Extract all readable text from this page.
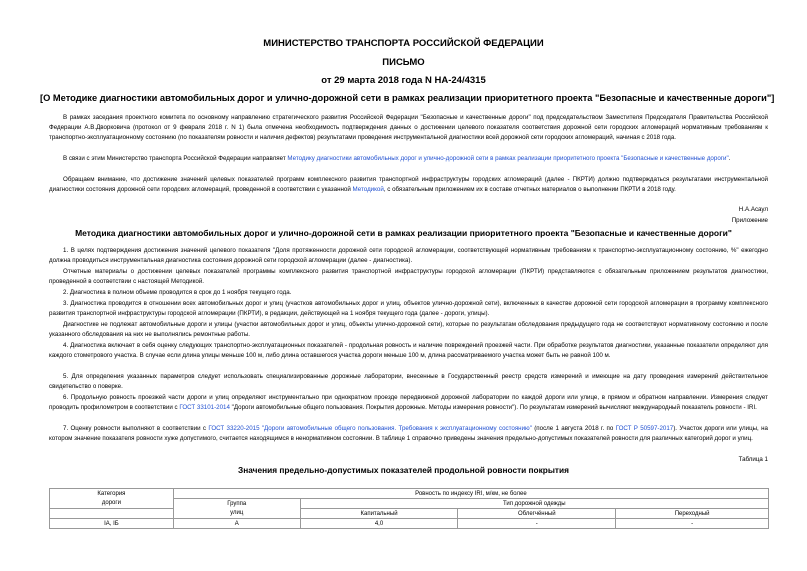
МИНИСТЕРСТВО ТРАНСПОРТА РОССИЙСКОЙ ФЕДЕРАЦИИ
ПИСЬМО
от 29 марта 2018 года N НА-24/4315
[О Методике диагностики автомобильных дорог и улично-дорожной сети в рамках реализации приоритетного проекта "Безопасные и качественные дороги"]
В рамках заседания проектного комитета по основному направлению стратегического развития Российской Федерации "Безопасные и качественные дороги" под председательством Заместителя Председателя Правительства Российской Федерации А.В.Дворковича (протокол от 9 февраля 2018 г. N 1) была отмечена необходимость подтверждения данных о достижении целевого показателя соответствия дорожной сети городских агломераций нормативным требованиям к транспортно-эксплуатационному состоянию (по показателям ровности и наличия дефектов) результатами проведения инструментальной диагностики всей дорожной сети городских агломераций, начиная с 2018 года.
В связи с этим Министерство транспорта Российской Федерации направляет Методику диагностики автомобильных дорог и улично-дорожной сети в рамках реализации приоритетного проекта "Безопасные и качественные дороги".
Обращаем внимание, что достижение значений целевых показателей программ комплексного развития транспортной инфраструктуры городских агломераций (далее - ПКРТИ) должно подтверждаться результатами инструментальной диагностики состояния дорожной сети городских агломераций, проведенной в соответствии с указанной Методикой, с обязательным приложением их в составе отчетных материалов о выполнении ПКРТИ в 2018 году.
Н.А.Асаул
Приложение
Методика диагностики автомобильных дорог и улично-дорожной сети в рамках реализации приоритетного проекта "Безопасные и качественные дороги"
1. В целях подтверждения достижения значений целевого показателя "Доля протяженности дорожной сети городской агломерации, соответствующей нормативным требованиям к транспортно-эксплуатационному состоянию, %" ежегодно должна проводиться инструментальная диагностика состояния дорожной сети городской агломерации (далее - диагностика).
Отчетные материалы о достижении целевых показателей программы комплексного развития транспортной инфраструктуры городской агломерации (ПКРТИ) представляются с обязательным приложением результатов диагностики, проведенной в соответствии с настоящей Методикой.
2. Диагностика в полном объеме проводится в срок до 1 ноября текущего года.
3. Диагностика проводится в отношении всех автомобильных дорог и улиц (участков автомобильных дорог и улиц, объектов улично-дорожной сети), включенных в качестве дорожной сети городской агломерации в программу комплексного развития транспортной инфраструктуры городской агломерации (ПКРТИ), в редакции, действующей на 1 ноября текущего года (далее - дороги, улицы).
Диагностике не подлежат автомобильные дороги и улицы (участки автомобильных дорог и улиц, объекты улично-дорожной сети), которые по результатам обследования предыдущего года не соответствуют нормативному состоянию и после указанного обследования на них не выполнялись ремонтные работы.
4. Диагностика включает в себя оценку следующих транспортно-эксплуатационных показателей - продольная ровность и наличие повреждений проезжей части. При обработке результатов диагностики, указанные показатели определяют для каждого стометрового участка. В случае если длина улицы меньше 100 м, либо длина оставшегося участка дороги меньше 100 м, длина рассматриваемого участка может быть не равной 100 м.
5. Для определения указанных параметров следует использовать специализированные дорожные лаборатории, внесенные в Государственный реестр средств измерений и имеющие на дату проведения измерений действительное свидетельство о поверке.
6. Продольную ровность проезжей части дороги и улиц определяют инструментально при однократном проезде передвижной дорожной лаборатории по каждой дороги или улице, в прямом и обратном направлении. Измерения следует проводить профилометром в соответствии с ГОСТ 33101-2014 "Дороги автомобильные общего пользования. Покрытия дорожные. Методы измерения ровности"). По результатам измерений вычисляют международный показатель ровности - IRI.
7. Оценку ровности выполняют в соответствии с ГОСТ 33220-2015 "Дороги автомобильные общего пользования. Требования к эксплуатационному состоянию" (после 1 августа 2018 г. по ГОСТ Р 50597-2017). Участок дороги или улицы, на котором значение показателя ровности хуже допустимого, считается находящимся в ненормативном состоянии. В таблице 1 справочно приведены значения предельно-допустимых показателей ровности для различных категорий дорог и улиц.
Таблица 1
Значения предельно-допустимых показателей продольной ровности покрытия
Категория	Ровность по индексу IRI, м/км, не более			
дороги	Группа	Тип дорожной одежды		
	улиц	Капитальный	Облегчённый	Переходный
IA, IБ	А	4,0	-	-
